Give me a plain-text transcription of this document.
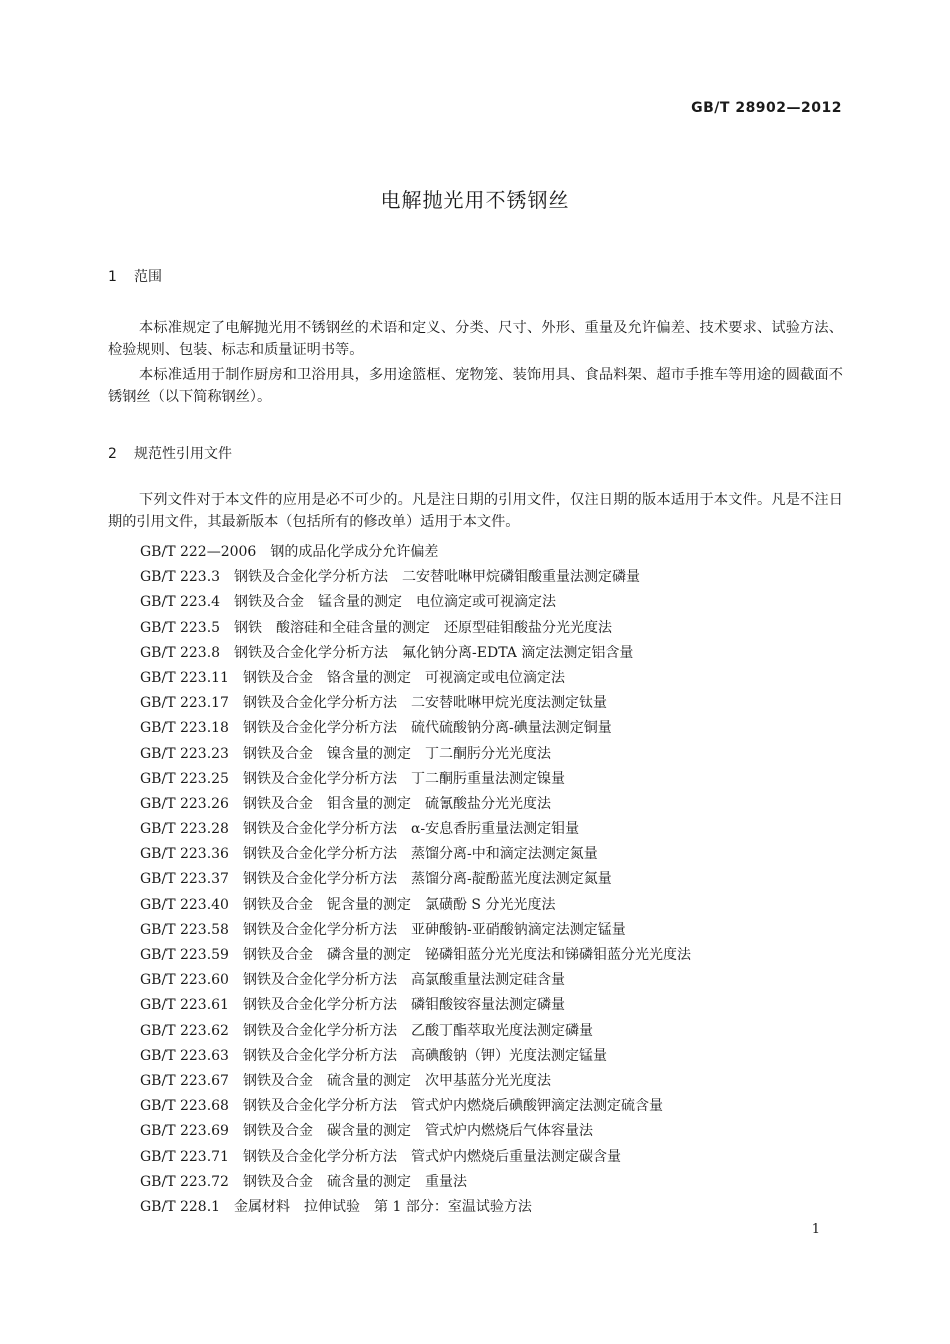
GB/T 28902—2012
电解抛光用不锈钢丝
1 范围
本标准规定了电解抛光用不锈钢丝的术语和定义、分类、尺寸、外形、重量及允许偏差、技术要求、试验方法、检验规则、包装、标志和质量证明书等。
本标准适用于制作厨房和卫浴用具，多用途篮框、宠物笼、装饰用具、食品料架、超市手推车等用途的圆截面不锈钢丝（以下简称钢丝）。
2 规范性引用文件
下列文件对于本文件的应用是必不可少的。凡是注日期的引用文件，仅注日期的版本适用于本文件。凡是不注日期的引用文件，其最新版本（包括所有的修改单）适用于本文件。
GB/T 222—2006　钢的成品化学成分允许偏差
GB/T 223.3　钢铁及合金化学分析方法　二安替吡啉甲烷磷钼酸重量法测定磷量
GB/T 223.4　钢铁及合金　锰含量的测定　电位滴定或可视滴定法
GB/T 223.5　钢铁　酸溶硅和全硅含量的测定　还原型硅钼酸盐分光光度法
GB/T 223.8　钢铁及合金化学分析方法　氟化钠分离-EDTA 滴定法测定铝含量
GB/T 223.11　钢铁及合金　铬含量的测定　可视滴定或电位滴定法
GB/T 223.17　钢铁及合金化学分析方法　二安替吡啉甲烷光度法测定钛量
GB/T 223.18　钢铁及合金化学分析方法　硫代硫酸钠分离-碘量法测定铜量
GB/T 223.23　钢铁及合金　镍含量的测定　丁二酮肟分光光度法
GB/T 223.25　钢铁及合金化学分析方法　丁二酮肟重量法测定镍量
GB/T 223.26　钢铁及合金　钼含量的测定　硫氰酸盐分光光度法
GB/T 223.28　钢铁及合金化学分析方法　α-安息香肟重量法测定钼量
GB/T 223.36　钢铁及合金化学分析方法　蒸馏分离-中和滴定法测定氮量
GB/T 223.37　钢铁及合金化学分析方法　蒸馏分离-靛酚蓝光度法测定氮量
GB/T 223.40　钢铁及合金　铌含量的测定　氯磺酚 S 分光光度法
GB/T 223.58　钢铁及合金化学分析方法　亚砷酸钠-亚硝酸钠滴定法测定锰量
GB/T 223.59　钢铁及合金　磷含量的测定　铋磷钼蓝分光光度法和锑磷钼蓝分光光度法
GB/T 223.60　钢铁及合金化学分析方法　高氯酸重量法测定硅含量
GB/T 223.61　钢铁及合金化学分析方法　磷钼酸铵容量法测定磷量
GB/T 223.62　钢铁及合金化学分析方法　乙酸丁酯萃取光度法测定磷量
GB/T 223.63　钢铁及合金化学分析方法　高碘酸钠（钾）光度法测定锰量
GB/T 223.67　钢铁及合金　硫含量的测定　次甲基蓝分光光度法
GB/T 223.68　钢铁及合金化学分析方法　管式炉内燃烧后碘酸钾滴定法测定硫含量
GB/T 223.69　钢铁及合金　碳含量的测定　管式炉内燃烧后气体容量法
GB/T 223.71　钢铁及合金化学分析方法　管式炉内燃烧后重量法测定碳含量
GB/T 223.72　钢铁及合金　硫含量的测定　重量法
GB/T 228.1　金属材料　拉伸试验　第 1 部分：室温试验方法
1
